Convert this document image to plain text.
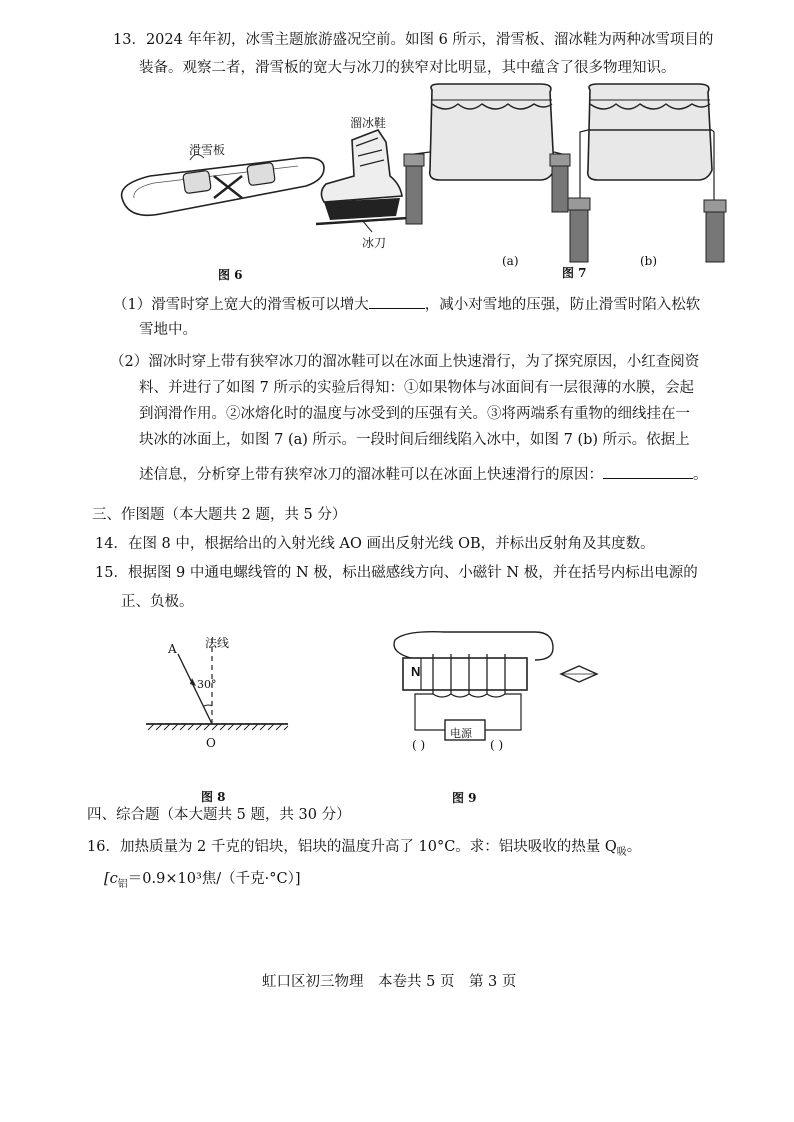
13．2024 年年初，冰雪主题旅游盛况空前。如图 6 所示，滑雪板、溜冰鞋为两种冰雪项目的
装备。观察二者，滑雪板的宽大与冰刀的狭窄对比明显，其中蕴含了很多物理知识。
滑雪板
溜冰鞋
冰刀
图 6
(a)
图 7
(b)
（1）滑雪时穿上宽大的滑雪板可以增大	，减小对雪地的压强，防止滑雪时陷入松软
雪地中。
（2）溜冰时穿上带有狭窄冰刀的溜冰鞋可以在冰面上快速滑行，为了探究原因，小红查阅资
料、并进行了如图 7 所示的实验后得知：①如果物体与冰面间有一层很薄的水膜，会起
到润滑作用。②冰熔化时的温度与冰受到的压强有关。③将两端系有重物的细线挂在一
块冰的冰面上，如图 7 (a) 所示。一段时间后细线陷入冰中，如图 7 (b) 所示。依据上
述信息，分析穿上带有狭窄冰刀的溜冰鞋可以在冰面上快速滑行的原因：	。
三、作图题（本大题共 2 题，共 5 分）
14．在图 8 中，根据给出的入射光线 AO 画出反射光线 OB，并标出反射角及其度数。
15．根据图 9 中通电螺线管的 N 极，标出磁感线方向、小磁针 N 极，并在括号内标出电源的
正、负极。
A 法线
30°
O
图 8
N
电源
( )	( )
图 9
四、综合题（本大题共 5 题，共 30 分）
16．加热质量为 2 千克的铝块，铝块的温度升高了 10°C。求：铝块吸收的热量 $Q_吸$。
[$c_铝=0.9\times 10^3$焦/（千克·°C）]
虹口区初三物理　本卷共 5 页　第 3 页
